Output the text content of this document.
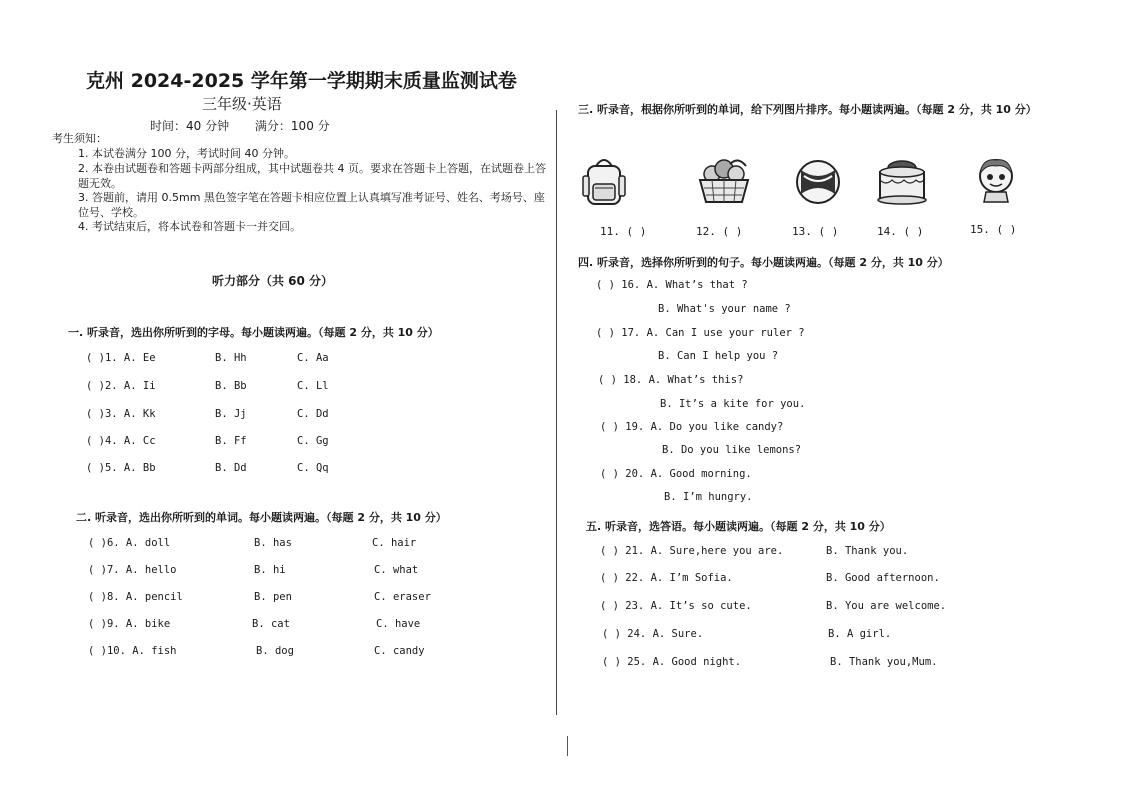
克州 2024-2025 学年第一学期期末质量监测试卷
三年级·英语
时间：40 分钟 满分：100 分
考生须知：
1. 本试卷满分 100 分，考试时间 40 分钟。
2. 本卷由试题卷和答题卡两部分组成，其中试题卷共 4 页。要求在答题卡上答题，在试题卷上答题无效。
3. 答题前，请用 0.5mm 黑色签字笔在答题卡相应位置上认真填写准考证号、姓名、考场号、座位号、学校。
4. 考试结束后，将本试卷和答题卡一并交回。
听力部分（共 60 分）
一. 听录音，选出你所听到的字母。每小题读两遍。（每题 2 分，共 10 分）
( )1. A. Ee	B. Hh	C. Aa
( )2. A. Ii	B. Bb	C. Ll
( )3. A. Kk	B. Jj	C. Dd
( )4. A. Cc	B. Ff	C. Gg
( )5. A. Bb	B. Dd	C. Qq
二. 听录音，选出你所听到的单词。每小题读两遍。（每题 2 分，共 10 分）
( )6. A. doll	B. has	C. hair
( )7. A. hello	B. hi	C. what
( )8. A. pencil	B. pen	C. eraser
( )9. A. bike	B. cat	C. have
( )10. A. fish	B. dog	C. candy
三. 听录音，根据你所听到的单词，给下列图片排序。每小题读两遍。（每题 2 分，共 10 分）
11. ( )	12. ( )	13. ( )	14. ( )	15. ( )
四. 听录音，选择你所听到的句子。每小题读两遍。（每题 2 分，共 10 分）
( ) 16. A. What’s that ?
B. What's your name ?
( ) 17. A. Can I use your ruler ?
B. Can I help you ?
( ) 18. A. What’s this?
B. It’s a kite for you.
( ) 19. A. Do you like candy?
B. Do you like lemons?
( ) 20. A. Good morning.
B. I’m hungry.
五. 听录音，选答语。每小题读两遍。（每题 2 分，共 10 分）
( ) 21. A. Sure,here you are.	B. Thank you.
( ) 22. A. I’m Sofia.	B. Good afternoon.
( ) 23. A. It’s so cute.	B. You are welcome.
( ) 24. A. Sure.	B. A girl.
( ) 25. A. Good night.	B. Thank you,Mum.
